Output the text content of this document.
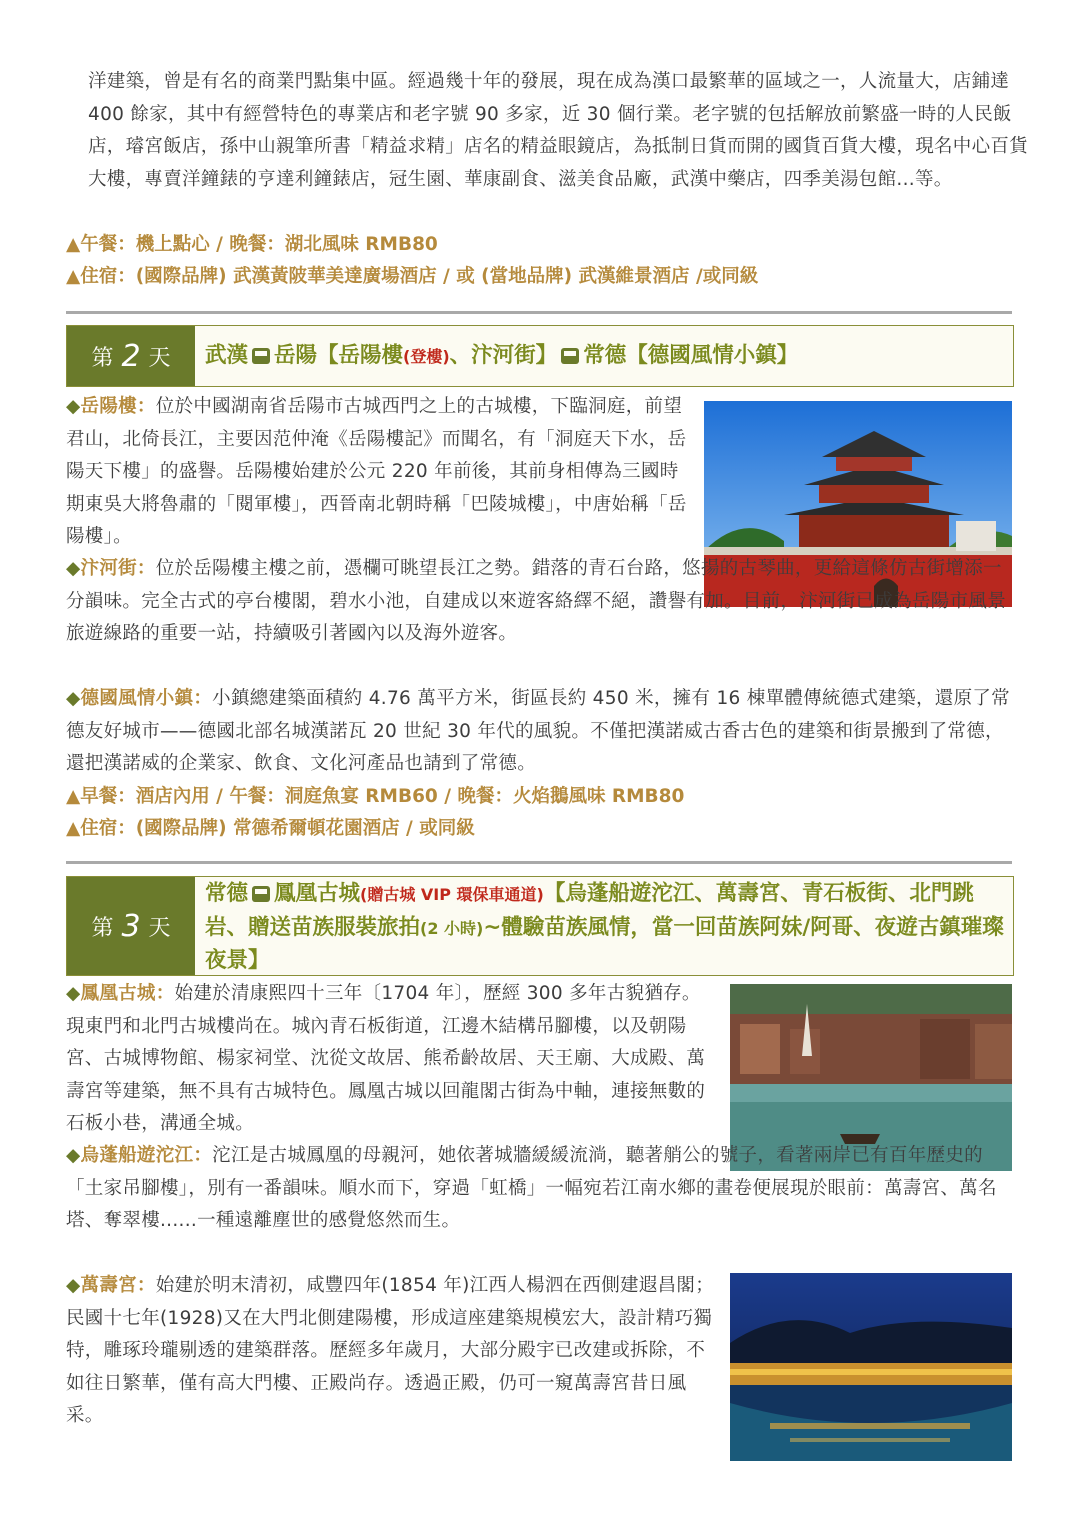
洋建築，曾是有名的商業門點集中區。經過幾十年的發展，現在成為漢口最繁華的區域之一，人流量大，店鋪達 400 餘家，其中有經營特色的專業店和老字號 90 多家，近 30 個行業。老字號的包括解放前繁盛一時的人民飯店，璿宮飯店，孫中山親筆所書「精益求精」店名的精益眼鏡店，為抵制日貨而開的國貨百貨大樓，現名中心百貨大樓，專賣洋鐘錶的亨達利鐘錶店，冠生園、華康副食、滋美食品廠，武漢中藥店，四季美湯包館...等。
▲午餐：機上點心 / 晚餐：湖北風味 RMB80
▲住宿：(國際品牌) 武漢黃陂華美達廣場酒店 / 或 (當地品牌) 武漢維景酒店 /或同級
第 2 天 武漢 岳陽【岳陽樓(登樓)、汴河街】 常德【德國風情小鎮】
◆岳陽樓：位於中國湖南省岳陽市古城西門之上的古城樓，下臨洞庭，前望君山，北倚長江，主要因范仲淹《岳陽樓記》而聞名，有「洞庭天下水，岳陽天下樓」的盛譽。岳陽樓始建於公元 220 年前後，其前身相傳為三國時期東吳大將魯肅的「閱軍樓」，西晉南北朝時稱「巴陵城樓」，中唐始稱「岳陽樓」。
◆汴河街：位於岳陽樓主樓之前，憑欄可眺望長江之勢。錯落的青石台路，悠揚的古琴曲，更給這條仿古街增添一分韻味。完全古式的亭台樓閣，碧水小池，自建成以來遊客絡繹不絕，讚譽有加。目前，汴河街已成為岳陽市風景旅遊線路的重要一站，持續吸引著國內以及海外遊客。
◆德國風情小鎮：小鎮總建築面積約 4.76 萬平方米，街區長約 450 米，擁有 16 棟單體傳統德式建築，還原了常德友好城市——德國北部名城漢諾瓦 20 世紀 30 年代的風貌。不僅把漢諾威古香古色的建築和街景搬到了常德，還把漢諾威的企業家、飲食、文化河產品也請到了常德。
▲早餐：酒店內用 / 午餐：洞庭魚宴 RMB60 / 晚餐：火焰鵝風味 RMB80
▲住宿：(國際品牌) 常德希爾頓花園酒店 / 或同級
第 3 天
常德 鳳凰古城(贈古城 VIP 環保車通道)【烏蓬船遊沱江、萬壽宮、青石板街、北門跳岩、贈送苗族服裝旅拍(2 小時)~體驗苗族風情，當一回苗族阿妹/阿哥、夜遊古鎮璀璨夜景】
◆鳳凰古城：始建於清康熙四十三年〔1704 年〕，歷經 300 多年古貌猶存。現東門和北門古城樓尚在。城內青石板街道，江邊木結構吊腳樓，以及朝陽宮、古城博物館、楊家祠堂、沈從文故居、熊希齡故居、天王廟、大成殿、萬壽宮等建築，無不具有古城特色。鳳凰古城以回龍閣古街為中軸，連接無數的石板小巷，溝通全城。
◆烏蓬船遊沱江：沱江是古城鳳凰的母親河，她依著城牆緩緩流淌，聽著艄公的號子，看著兩岸已有百年歷史的「土家吊腳樓」，別有一番韻味。順水而下，穿過「虹橋」一幅宛若江南水鄉的畫卷便展現於眼前：萬壽宮、萬名塔、奪翠樓......一種遠離塵世的感覺悠然而生。
◆萬壽宮：始建於明末清初，咸豐四年(1854 年)江西人楊泗在西側建遐昌閣；民國十七年(1928)又在大門北側建陽樓，形成這座建築規模宏大，設計精巧獨特，雕琢玲瓏剔透的建築群落。歷經多年歲月，大部分殿宇已改建或拆除，不如往日繁華，僅有高大門樓、正殿尚存。透過正殿，仍可一窺萬壽宮昔日風采。
